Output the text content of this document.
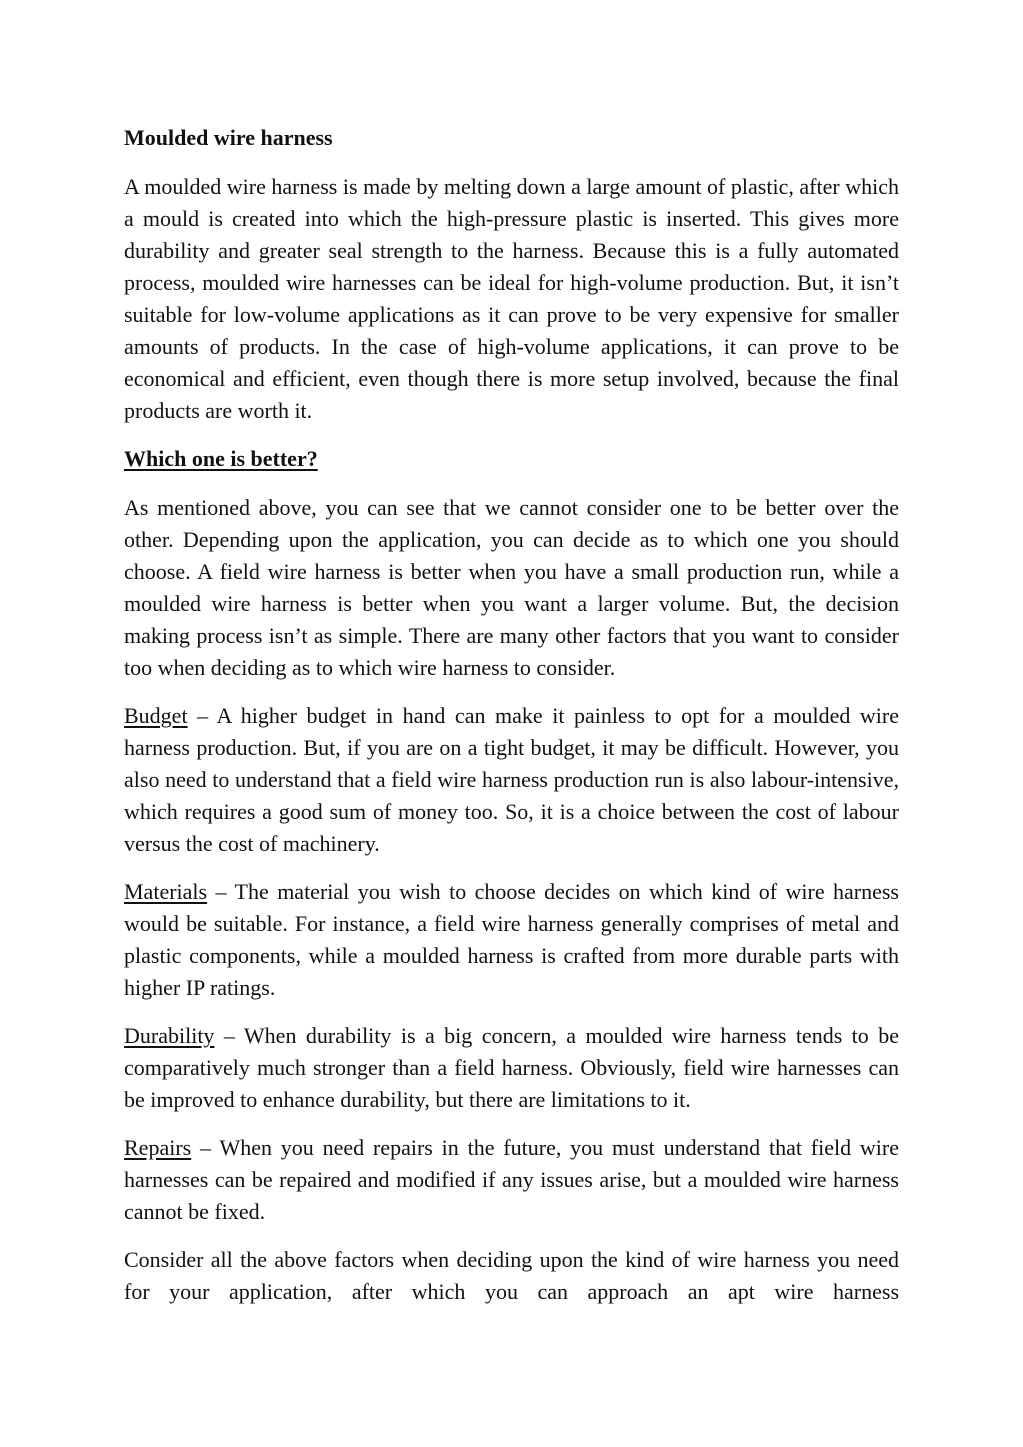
Moulded wire harness

A moulded wire harness is made by melting down a large amount of plastic, after which a mould is created into which the high-pressure plastic is inserted. This gives more durability and greater seal strength to the harness. Because this is a fully automated process, moulded wire harnesses can be ideal for high-volume production. But, it isn’t suitable for low-volume applications as it can prove to be very expensive for smaller amounts of products. In the case of high-volume applications, it can prove to be economical and efficient, even though there is more setup involved, because the final products are worth it.

Which one is better?

As mentioned above, you can see that we cannot consider one to be better over the other. Depending upon the application, you can decide as to which one you should choose. A field wire harness is better when you have a small production run, while a moulded wire harness is better when you want a larger volume. But, the decision making process isn’t as simple. There are many other factors that you want to consider too when deciding as to which wire harness to consider.

Budget – A higher budget in hand can make it painless to opt for a moulded wire harness production. But, if you are on a tight budget, it may be difficult. However, you also need to understand that a field wire harness production run is also labour-intensive, which requires a good sum of money too. So, it is a choice between the cost of labour versus the cost of machinery.

Materials – The material you wish to choose decides on which kind of wire harness would be suitable. For instance, a field wire harness generally comprises of metal and plastic components, while a moulded harness is crafted from more durable parts with higher IP ratings.

Durability – When durability is a big concern, a moulded wire harness tends to be comparatively much stronger than a field harness. Obviously, field wire harnesses can be improved to enhance durability, but there are limitations to it.

Repairs – When you need repairs in the future, you must understand that field wire harnesses can be repaired and modified if any issues arise, but a moulded wire harness cannot be fixed.

Consider all the above factors when deciding upon the kind of wire harness you need for your application, after which you can approach an apt wire harness
